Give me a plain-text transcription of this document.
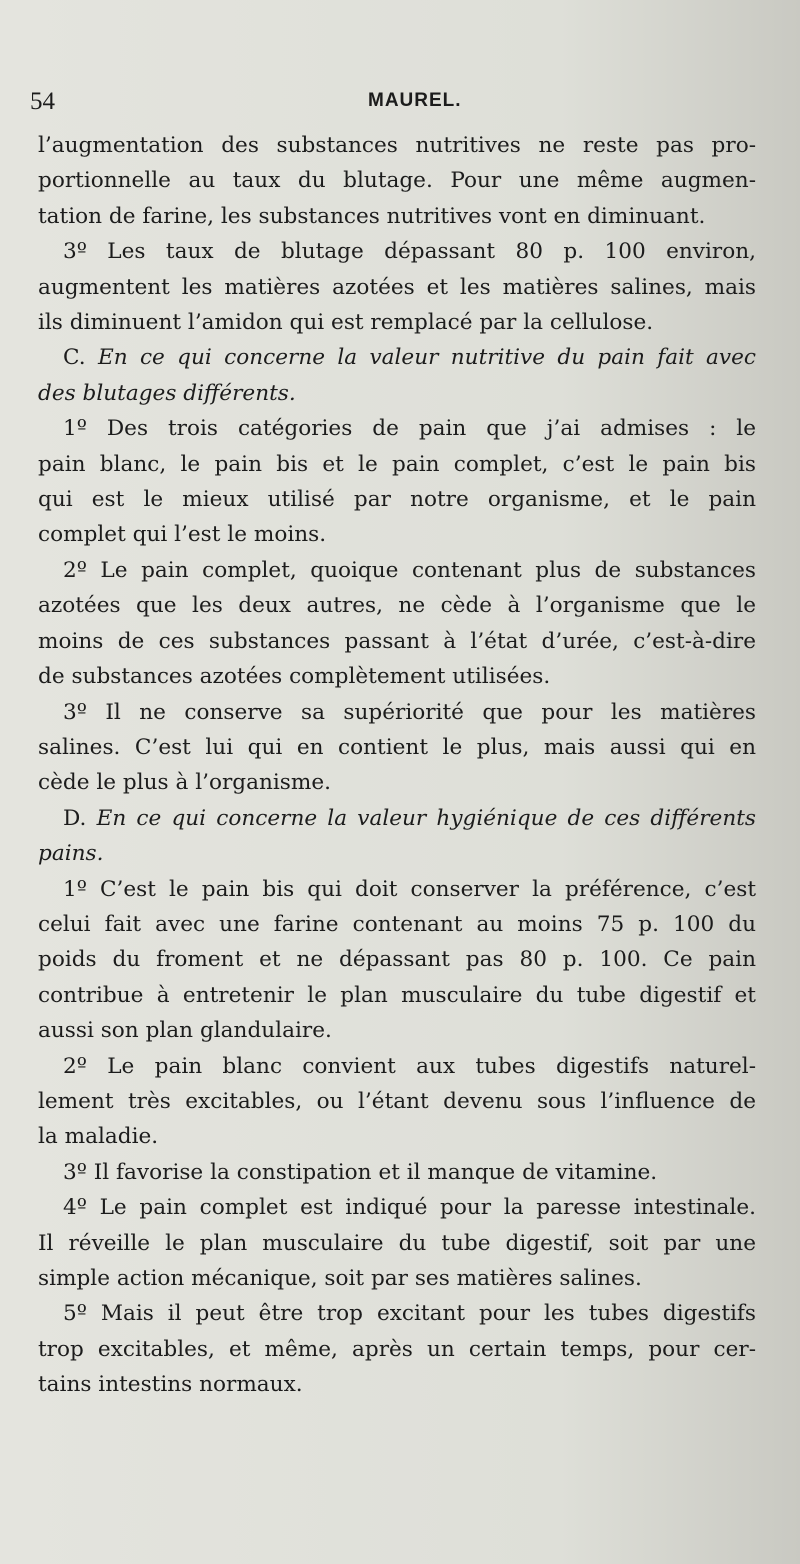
54	MAUREL.
l’augmentation des substances nutritives ne reste pas pro-
portionnelle au taux du blutage. Pour une même augmen-
tation de farine, les substances nutritives vont en diminuant.
3º Les taux de blutage dépassant 80 p. 100 environ,
augmentent les matières azotées et les matières salines, mais
ils diminuent l’amidon qui est remplacé par la cellulose.
C. En ce qui concerne la valeur nutritive du pain fait avec
des blutages différents.
1º Des trois catégories de pain que j’ai admises : le
pain blanc, le pain bis et le pain complet, c’est le pain bis
qui est le mieux utilisé par notre organisme, et le pain
complet qui l’est le moins.
2º Le pain complet, quoique contenant plus de substances
azotées que les deux autres, ne cède à l’organisme que le
moins de ces substances passant à l’état d’urée, c’est-à-dire
de substances azotées complètement utilisées.
3º Il ne conserve sa supériorité que pour les matières
salines. C’est lui qui en contient le plus, mais aussi qui en
cède le plus à l’organisme.
D. En ce qui concerne la valeur hygiénique de ces différents
pains.
1º C’est le pain bis qui doit conserver la préférence, c’est
celui fait avec une farine contenant au moins 75 p. 100 du
poids du froment et ne dépassant pas 80 p. 100. Ce pain
contribue à entretenir le plan musculaire du tube digestif et
aussi son plan glandulaire.
2º Le pain blanc convient aux tubes digestifs naturel-
lement très excitables, ou l’étant devenu sous l’influence de
la maladie.
3º Il favorise la constipation et il manque de vitamine.
4º Le pain complet est indiqué pour la paresse intestinale.
Il réveille le plan musculaire du tube digestif, soit par une
simple action mécanique, soit par ses matières salines.
5º Mais il peut être trop excitant pour les tubes digestifs
trop excitables, et même, après un certain temps, pour cer-
tains intestins normaux.
